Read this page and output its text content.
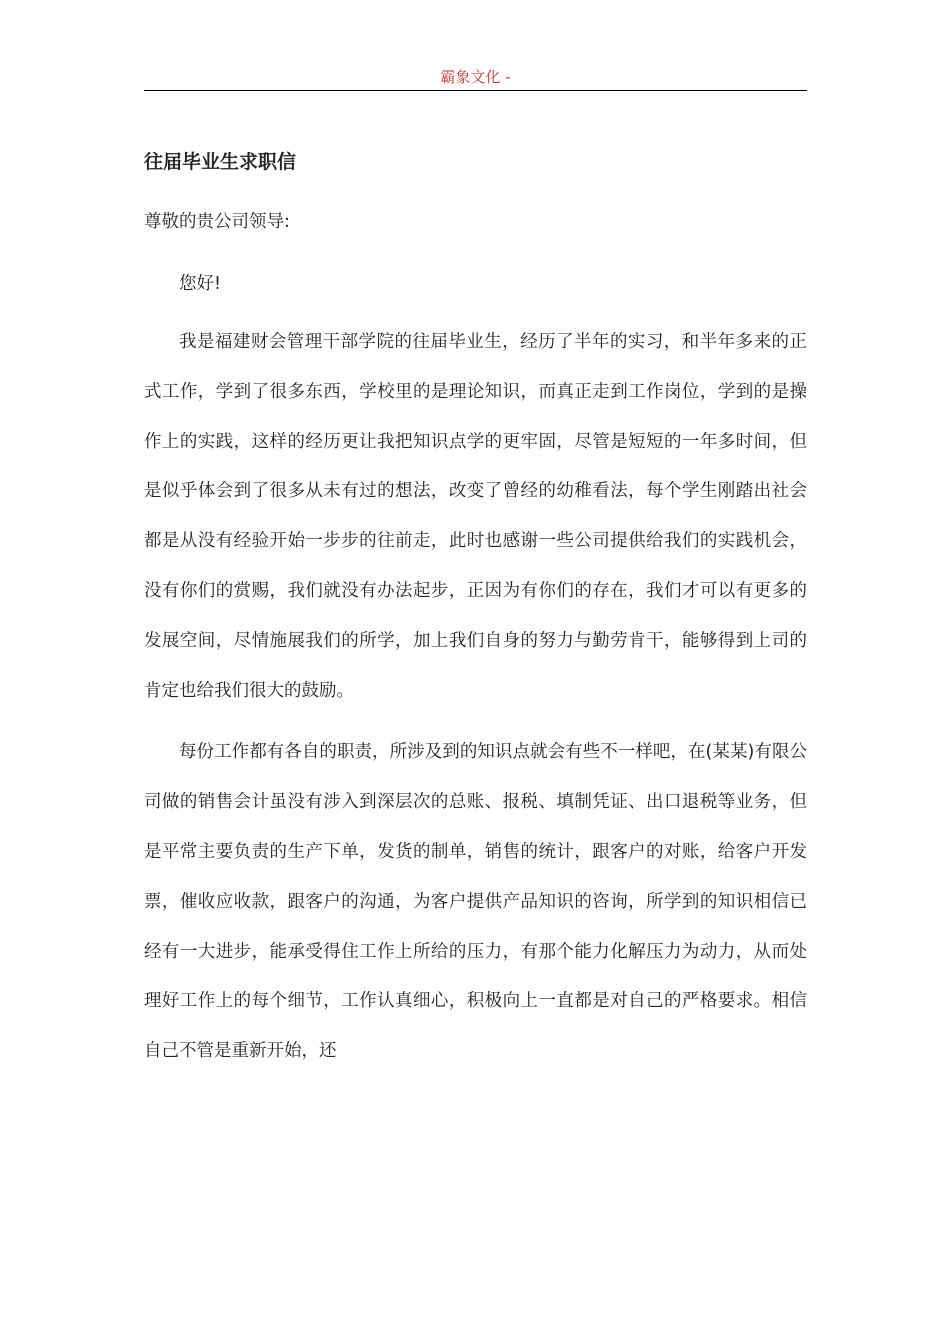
霸象文化 -
往届毕业生求职信

尊敬的贵公司领导:

您好!

我是福建财会管理干部学院的往届毕业生，经历了半年的实习，和半年多来的正式工作，学到了很多东西，学校里的是理论知识，而真正走到工作岗位，学到的是操作上的实践，这样的经历更让我把知识点学的更牢固，尽管是短短的一年多时间，但是似乎体会到了很多从未有过的想法，改变了曾经的幼稚看法，每个学生刚踏出社会都是从没有经验开始一步步的往前走，此时也感谢一些公司提供给我们的实践机会，没有你们的赏赐，我们就没有办法起步，正因为有你们的存在，我们才可以有更多的发展空间，尽情施展我们的所学，加上我们自身的努力与勤劳肯干，能够得到上司的肯定也给我们很大的鼓励。

每份工作都有各自的职责，所涉及到的知识点就会有些不一样吧，在(某某)有限公司做的销售会计虽没有涉入到深层次的总账、报税、填制凭证、出口退税等业务，但是平常主要负责的生产下单，发货的制单，销售的统计，跟客户的对账，给客户开发票，催收应收款，跟客户的沟通，为客户提供产品知识的咨询，所学到的知识相信已经有一大进步，能承受得住工作上所给的压力，有那个能力化解压力为动力，从而处理好工作上的每个细节，工作认真细心，积极向上一直都是对自己的严格要求。相信自己不管是重新开始，还
